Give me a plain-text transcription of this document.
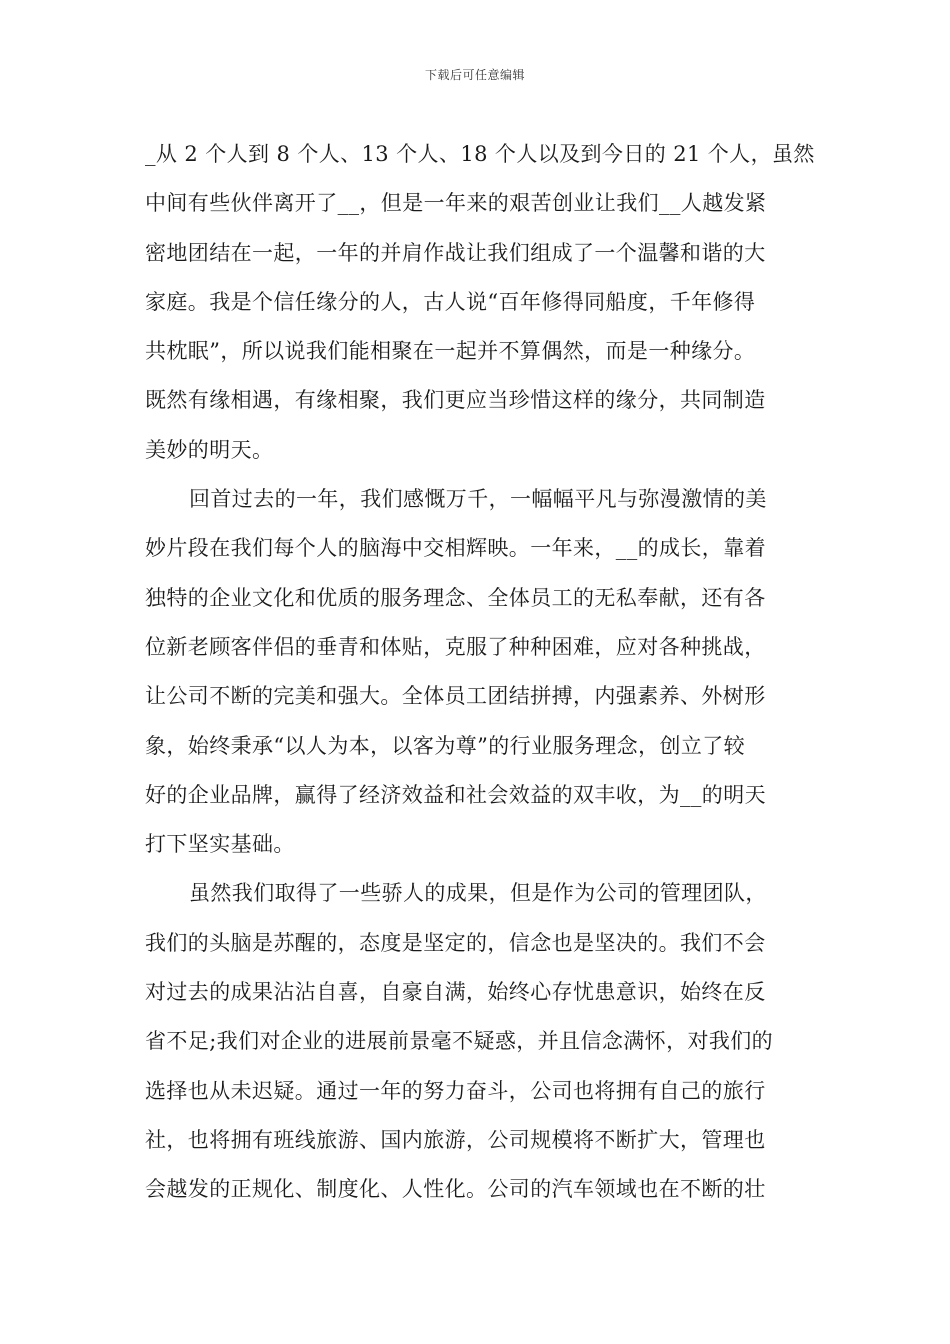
下载后可任意编辑
_从 2 个人到 8 个人、13 个人、18 个人以及到今日的 21 个人，虽然
中间有些伙伴离开了__，但是一年来的艰苦创业让我们__人越发紧
密地团结在一起，一年的并肩作战让我们组成了一个温馨和谐的大
家庭。我是个信任缘分的人，古人说“百年修得同船度，千年修得
共枕眠”，所以说我们能相聚在一起并不算偶然，而是一种缘分。
既然有缘相遇，有缘相聚，我们更应当珍惜这样的缘分，共同制造
美妙的明天。
回首过去的一年，我们感慨万千，一幅幅平凡与弥漫激情的美
妙片段在我们每个人的脑海中交相辉映。一年来，__的成长，靠着
独特的企业文化和优质的服务理念、全体员工的无私奉献，还有各
位新老顾客伴侣的垂青和体贴，克服了种种困难，应对各种挑战，
让公司不断的完美和强大。全体员工团结拼搏，内强素养、外树形
象，始终秉承“以人为本，以客为尊”的行业服务理念，创立了较
好的企业品牌，赢得了经济效益和社会效益的双丰收，为__的明天
打下坚实基础。
虽然我们取得了一些骄人的成果，但是作为公司的管理团队，
我们的头脑是苏醒的，态度是坚定的，信念也是坚决的。我们不会
对过去的成果沾沾自喜，自豪自满，始终心存忧患意识，始终在反
省不足;我们对企业的进展前景毫不疑惑，并且信念满怀，对我们的
选择也从未迟疑。通过一年的努力奋斗，公司也将拥有自己的旅行
社，也将拥有班线旅游、国内旅游，公司规模将不断扩大，管理也
会越发的正规化、制度化、人性化。公司的汽车领域也在不断的壮
